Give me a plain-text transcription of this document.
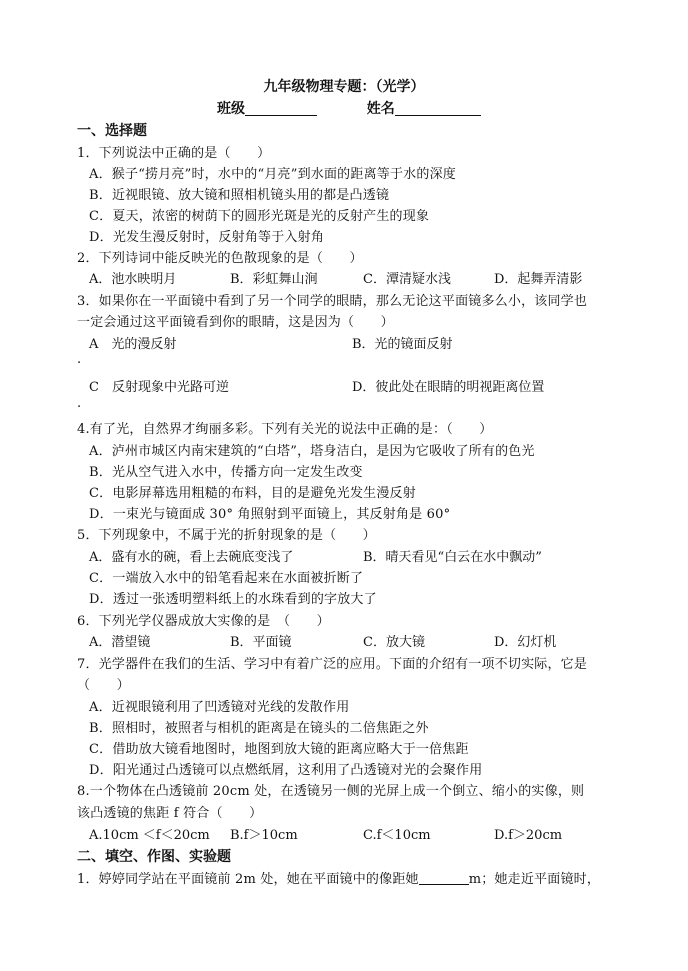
九年级物理专题：（光学）
班级	姓名
一、选择题
1．下列说法中正确的是（　　）
A．猴子“捞月亮”时，水中的“月亮”到水面的距离等于水的深度
B．近视眼镜、放大镜和照相机镜头用的都是凸透镜
C．夏天，浓密的树荫下的圆形光斑是光的反射产生的现象
D．光发生漫反射时，反射角等于入射角
2．下列诗词中能反映光的色散现象的是（　　）
A．池水映明月	B．彩虹舞山涧	C．潭清疑水浅	D．起舞弄清影
3．如果你在一平面镜中看到了另一个同学的眼睛，那么无论这平面镜多么小，该同学也
一定会通过这平面镜看到你的眼睛，这是因为（　　）
A　光的漫反射	B．光的镜面反射
.
C　反射现象中光路可逆	D．彼此处在眼睛的明视距离位置
.
4.有了光，自然界才绚丽多彩。下列有关光的说法中正确的是：（　　）
A．泸州市城区内南宋建筑的“白塔”，塔身洁白，是因为它吸收了所有的色光
B．光从空气进入水中，传播方向一定发生改变
C．电影屏幕选用粗糙的布料，目的是避免光发生漫反射
D．一束光与镜面成 30° 角照射到平面镜上，其反射角是 60°
5．下列现象中，不属于光的折射现象的是（　　）
A．盛有水的碗，看上去碗底变浅了	B．晴天看见“白云在水中飘动”
C．一端放入水中的铅笔看起来在水面被折断了
D．透过一张透明塑料纸上的水珠看到的字放大了
6．下列光学仪器成放大实像的是　（　　）
A．潜望镜	B．平面镜	C．放大镜	D．幻灯机
7．光学器件在我们的生活、学习中有着广泛的应用。下面的介绍有一项不切实际，它是
（　　）
A．近视眼镜利用了凹透镜对光线的发散作用
B．照相时，被照者与相机的距离是在镜头的二倍焦距之外
C．借助放大镜看地图时，地图到放大镜的距离应略大于一倍焦距
D．阳光通过凸透镜可以点燃纸屑，这利用了凸透镜对光的会聚作用
8.一个物体在凸透镜前 20cm 处，在透镜另一侧的光屏上成一个倒立、缩小的实像，则
该凸透镜的焦距 f 符合（　　）
A.10cm ＜f＜20cm B.f＞10cm	C.f＜10cm	D.f＞20cm
二、填空、作图、实验题
1．婷婷同学站在平面镜前 2m 处，她在平面镜中的像距她	m；她走近平面镜时，
